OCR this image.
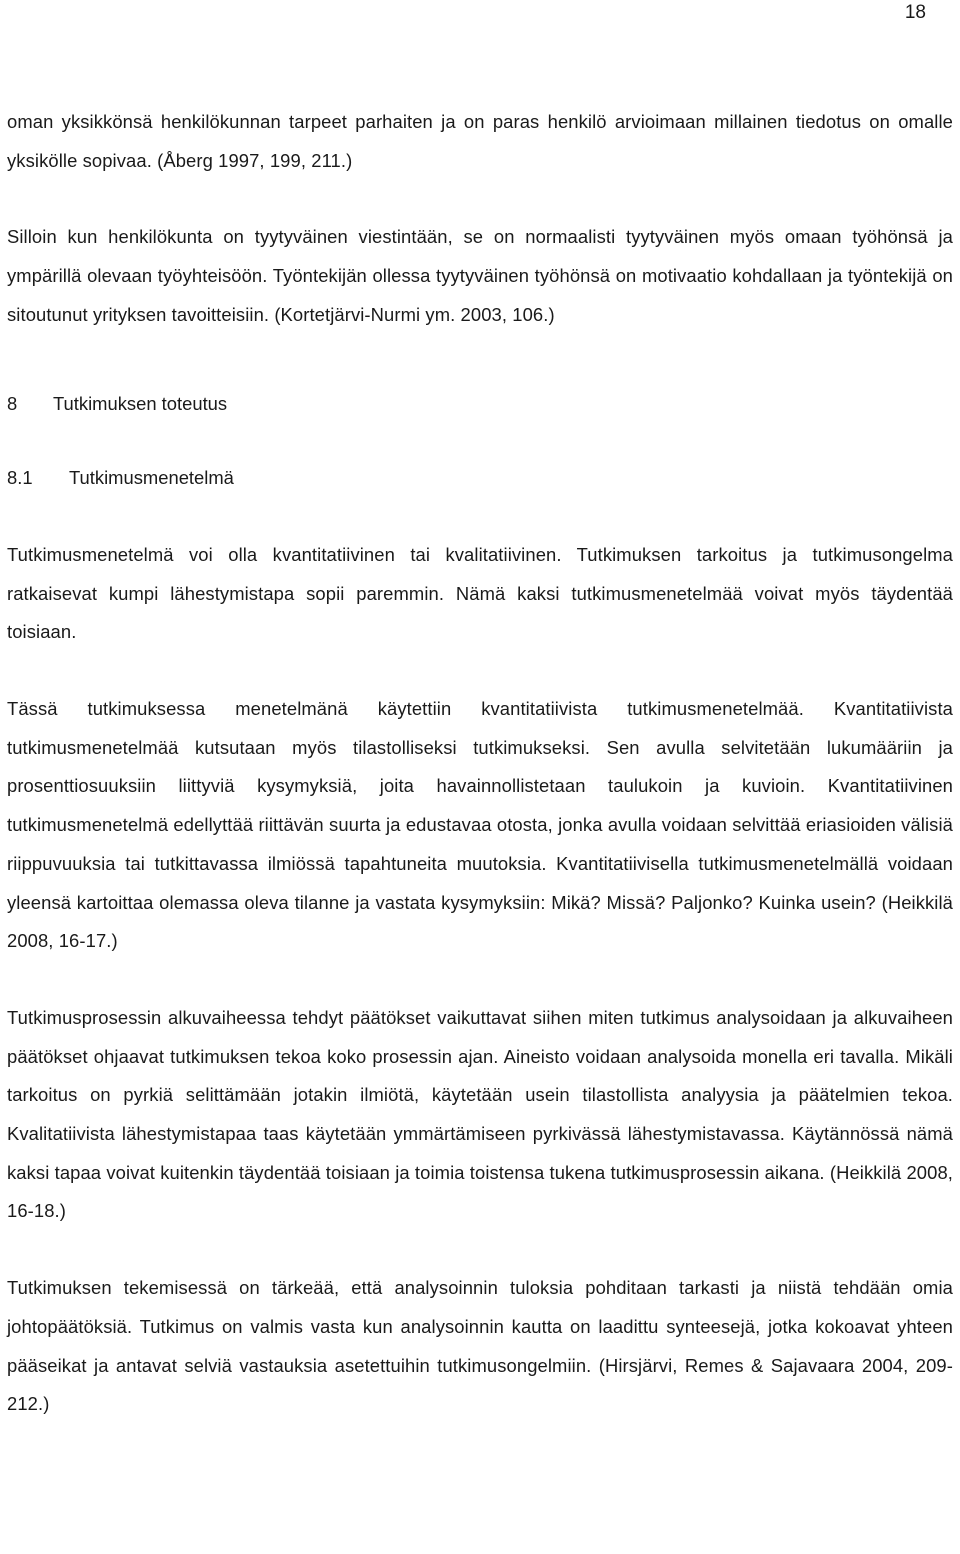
18

oman yksikkönsä henkilökunnan tarpeet parhaiten ja on paras henkilö arvioimaan millainen tiedotus on omalle yksikölle sopivaa. (Åberg 1997, 199, 211.)

Silloin kun henkilökunta on tyytyväinen viestintään, se on normaalisti tyytyväinen myös omaan työhönsä ja ympärillä olevaan työyhteisöön. Työntekijän ollessa tyytyväinen työhönsä on motivaatio kohdallaan ja työntekijä on sitoutunut yrityksen tavoitteisiin. (Kortetjärvi-Nurmi ym. 2003, 106.)

8 Tutkimuksen toteutus
8.1 Tutkimusmenetelmä

Tutkimusmenetelmä voi olla kvantitatiivinen tai kvalitatiivinen. Tutkimuksen tarkoitus ja tutkimusongelma ratkaisevat kumpi lähestymistapa sopii paremmin. Nämä kaksi tutkimusmenetelmää voivat myös täydentää toisiaan.

Tässä tutkimuksessa menetelmänä käytettiin kvantitatiivista tutkimusmenetelmää. Kvantitatiivista tutkimusmenetelmää kutsutaan myös tilastolliseksi tutkimukseksi. Sen avulla selvitetään lukumääriin ja prosenttiosuuksiin liittyviä kysymyksiä, joita havainnollistetaan taulukoin ja kuvioin. Kvantitatiivinen tutkimusmenetelmä edellyttää riittävän suurta ja edustavaa otosta, jonka avulla voidaan selvittää eriasioiden välisiä riippuvuuksia tai tutkittavassa ilmiössä tapahtuneita muutoksia. Kvantitatiivisella tutkimusmenetelmällä voidaan yleensä kartoittaa olemassa oleva tilanne ja vastata kysymyksiin: Mikä? Missä? Paljonko? Kuinka usein? (Heikkilä 2008, 16-17.)

Tutkimusprosessin alkuvaiheessa tehdyt päätökset vaikuttavat siihen miten tutkimus analysoidaan ja alkuvaiheen päätökset ohjaavat tutkimuksen tekoa koko prosessin ajan. Aineisto voidaan analysoida monella eri tavalla. Mikäli tarkoitus on pyrkiä selittämään jotakin ilmiötä, käytetään usein tilastollista analyysia ja päätelmien tekoa. Kvalitatiivista lähestymistapaa taas käytetään ymmärtämiseen pyrkivässä lähestymistavassa. Käytännössä nämä kaksi tapaa voivat kuitenkin täydentää toisiaan ja toimia toistensa tukena tutkimusprosessin aikana. (Heikkilä 2008, 16-18.)

Tutkimuksen tekemisessä on tärkeää, että analysoinnin tuloksia pohditaan tarkasti ja niistä tehdään omia johtopäätöksiä. Tutkimus on valmis vasta kun analysoinnin kautta on laadittu synteesejä, jotka kokoavat yhteen pääseikat ja antavat selviä vastauksia asetettuihin tutkimusongelmiin. (Hirsjärvi, Remes & Sajavaara 2004, 209-212.)
